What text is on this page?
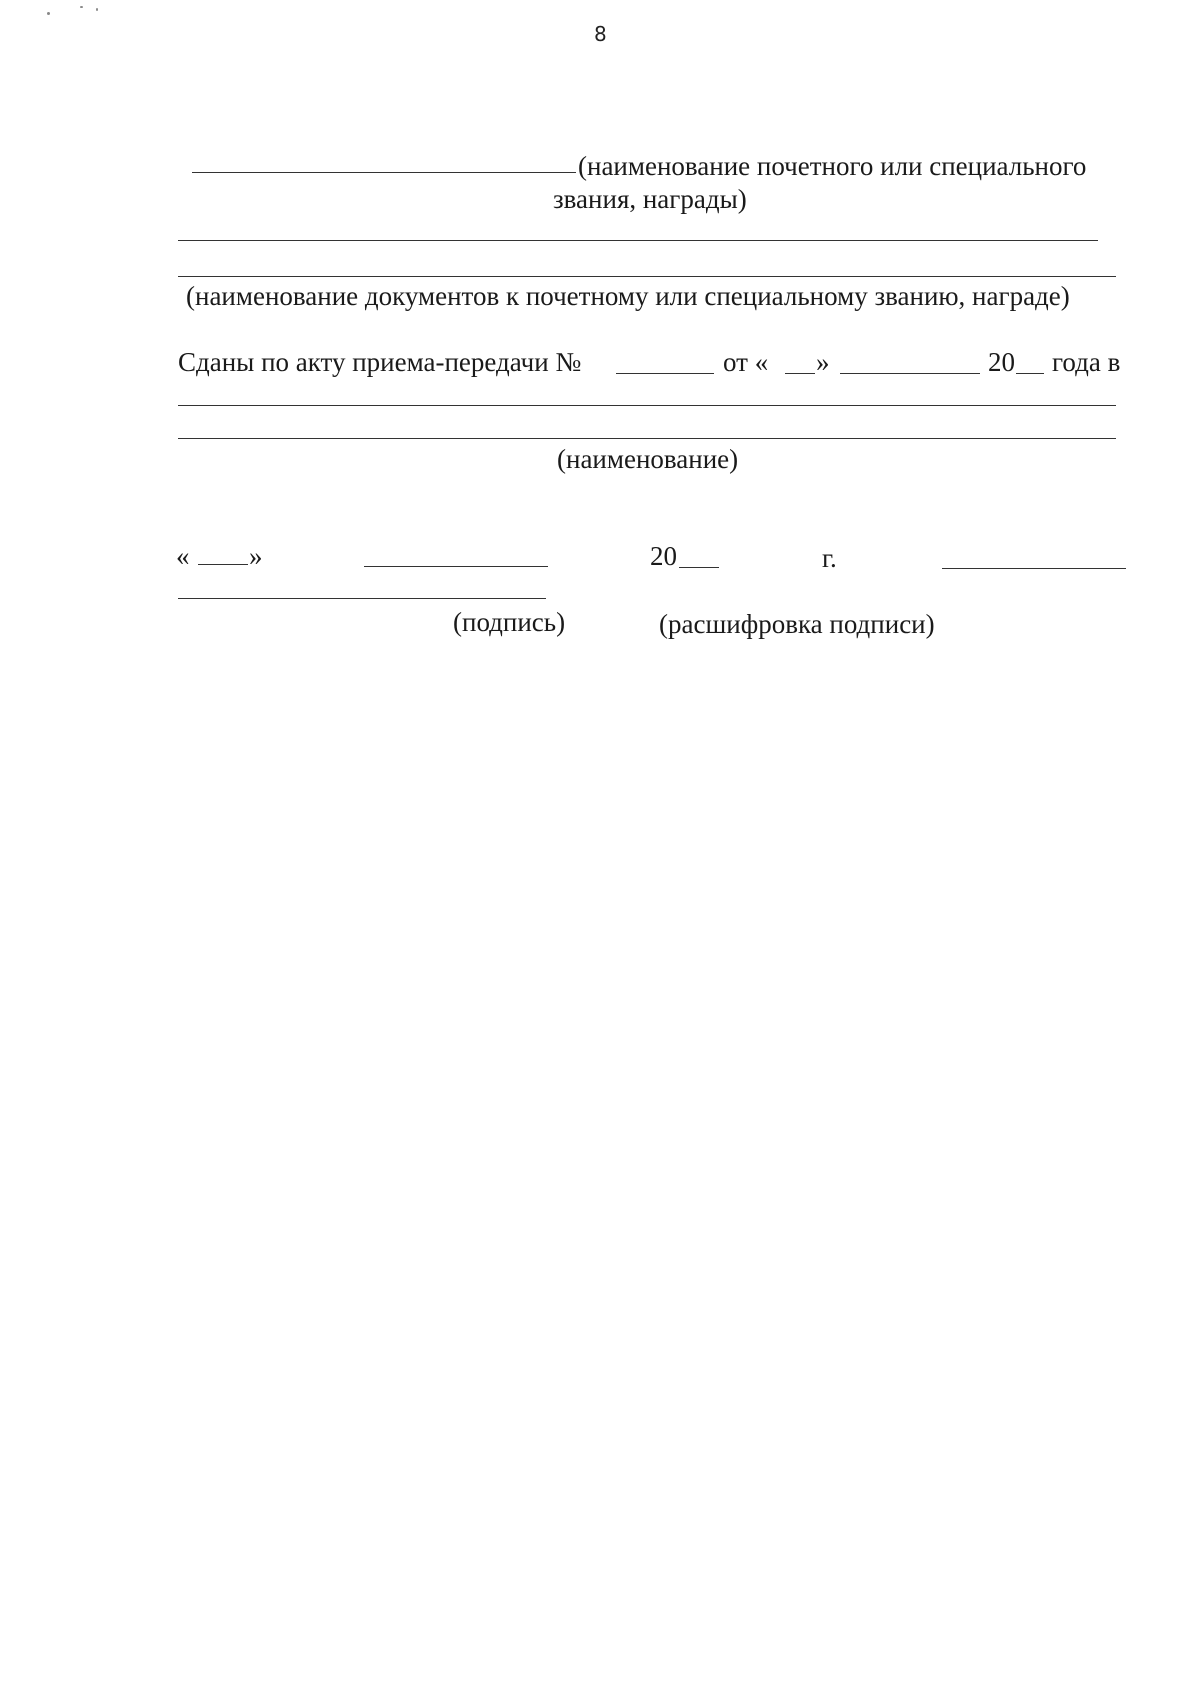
8
(наименование почетного или специального
звания, награды)
(наименование документов к почетному или специальному званию, награде)
Сданы по акту приема-передачи №	от « »	20 года в
(наименование)
« »	20	г.
(подпись)	(расшифровка подписи)
